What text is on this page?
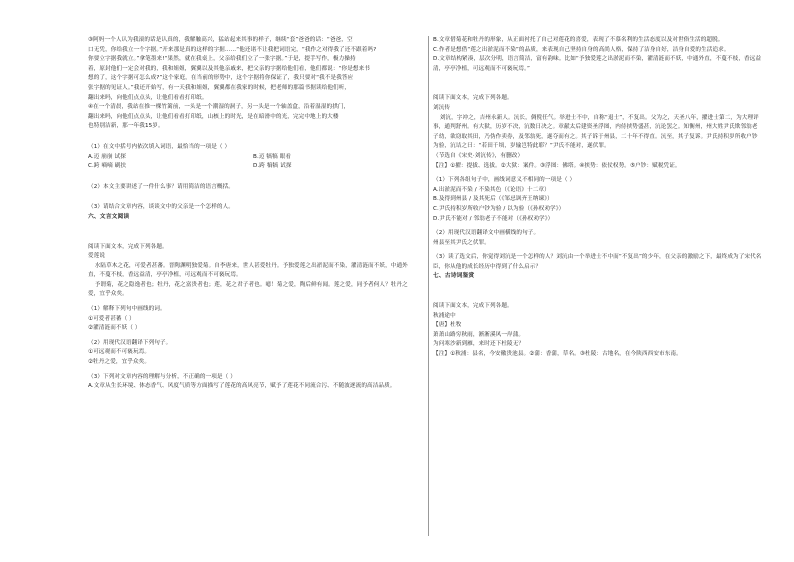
③阿妈一个人认为我滚的话是认真的，我解触高兴，猛站起来其事的样子，继续“套”爸爸的话：“爸爸，空

口无凭，你给我立一个字据。”开来那是真的这样的字据……“他还诸不让我把词语完，“我作之对得我了还不跟着吗?

你要立字据我就立。”拿笔墨来!“果然，就在我桌上，父亲给我们立了一张字据。”于是，提手写作，极力操持

着，原封他们一定会对我的，我和姐姐，翼翼以及其他亲戚来，把父亲的字据给他们看，他们都说：“你是想来书

想的了，这个字据可怎么成?”这个家庭，在当前的形势中，这个字据将你保证了，我只要对“我不是我答应

张字据的见证人。”我还开始写，有一天我和姐姐，翼翼都在我家的时候，把老师的那篇书据读给他们听，

翻出来吗，向他们点点头，让他们看看打印纸。

④在一个清晨，我站在推一棵竹篱前，一头是一个潮湿的洞子，另一头是一个轴盖盒，沿着湿湿的拱门，

翻出来吗，向他们点点头，让他们看看打印纸，山核上的时光，是在暗滑中的光，完完中地上的大楼

也特别洁新，那一年我15岁。

（1）在文中括号内依次填入词语，最恰当的一项是（ ）

A.迈 崩崩 试探	B.迈 犒犒 眼看
C.跨 嘀嘀 刷扶	D.跨 犒犒 试探

（2）本文主要讲述了一件什么事？请用简洁的语言概括。

（3）请结合文章内容，谈谈文中的父亲是一个怎样的人。

六、文言文阅读

阅读下面文本，完成下列各题。

爱莲说

水陆草木之花，可爱者甚蕃。晋陶渊明独爱菊。自李唐来，世人甚爱牡丹。予独爱莲之出淤泥而不染，濯清涟而不妖，中通外直，不蔓不枝，香远益清，亭亭净植，可远观而不可亵玩焉。

予谓菊，花之隐逸者也；牡丹，花之富贵者也；莲，花之君子者也。噫！菊之爱，陶后鲜有闻。莲之爱，同予者何人？牡丹之爱，宜乎众矣。

（1）解释下列句中画线的词。

①可爱者甚蕃（ ）

②濯清涟而不妖（ ）

（2）用现代汉语翻译下列句子。

①可远观而不可亵玩焉。

②牡丹之爱，宜乎众矣。

（3）下列对文章内容的理解与分析，不正确的一项是（ ）

A.文章从生长环境、体态香气、风度气质等方面描写了莲花的高风亮节，赋予了莲花不同流合污、不随波逐流的高洁品质。

B.文章借菊花和牡丹的形象，从正面衬托了自己对莲花的喜爱，表现了不慕名利的生活态度以及对世俗生活的超脱。

C.作者是想借“莲之出淤泥而不染”的品质，来表现自己坚持自身的高尚人格，保持了洁身自好，洁身自爱的生活追求。

D.文章结构紧凑，层次分明，语言简洁，富有韵味。比如“予独爱莲之出淤泥而不染，濯清涟而不妖，中通外直，不蔓不枝，香远益清，亭亭净植，可远观而不可亵玩焉。”

阅读下面文本，完成下列各题。

刘沆传

刘沆，字冲之，吉州永新人。沆长，倜傥任气。举进士不中，自称“退士”，不复出。父为之，天圣八年，擢进士第二，为大理评事，通判舒州。有大狱，历岁不决，沆数日决之。章献太后建资圣浮图，内侍挟势盛甚，沆论罢之。知衡州，州大姓尹氏欺邻翁老子幼，欲窃取其田，乃伪作卖券，及邻翁死，遂夺而有之。其子诉于州县，二十年不得直。沆至，其子复诉。尹氏持积岁所收户钞为验，沆诘之曰：“若田千顷，岁输岂特此耶？”尹氏不能对，遂伏罪。

（节选自《宋史·刘沆传》，有删改）

【注】①擢：提拔、选拔。②大狱：案件。③浮图：佛塔。④挟势：依仗权势。⑤户钞：赋税凭证。

（1）下列各组句子中，画线词意义不相同的一项是（ ）

A.出淤泥而不染 / 不染其色（《论语》十二章）

B.及得到州县 / 及其死后（《邹忌讽齐王纳谏》）

C.尹氏持积岁所收户钞为验 / 以为验（《孙权劝学》）

D.尹氏不能对 / 邻翁老子不能对（《孙权劝学》）

（2）用现代汉语翻译文中画横线的句子。

州县至其尹氏之伏罪。

（3）读了选文后，你觉得刘沆是一个怎样的人？刘沆由一个举进士不中而“不复出”的少年，在父亲的激励之下，最终成为了宋代名臣，你从他的成长经历中得到了什么启示？

七、古诗词鉴赏

阅读下面文本，完成下列各题。

秋浦途中

【唐】杜牧

萧萧山路穷秋雨，淅淅溪风一岸蒲。

为问寒沙新到雁，来时还下杜陵无？

【注】①秋浦：县名，今安徽贵池县。②蒲：香蒲，草名。③杜陵：古地名，在今陕西西安市东南。
